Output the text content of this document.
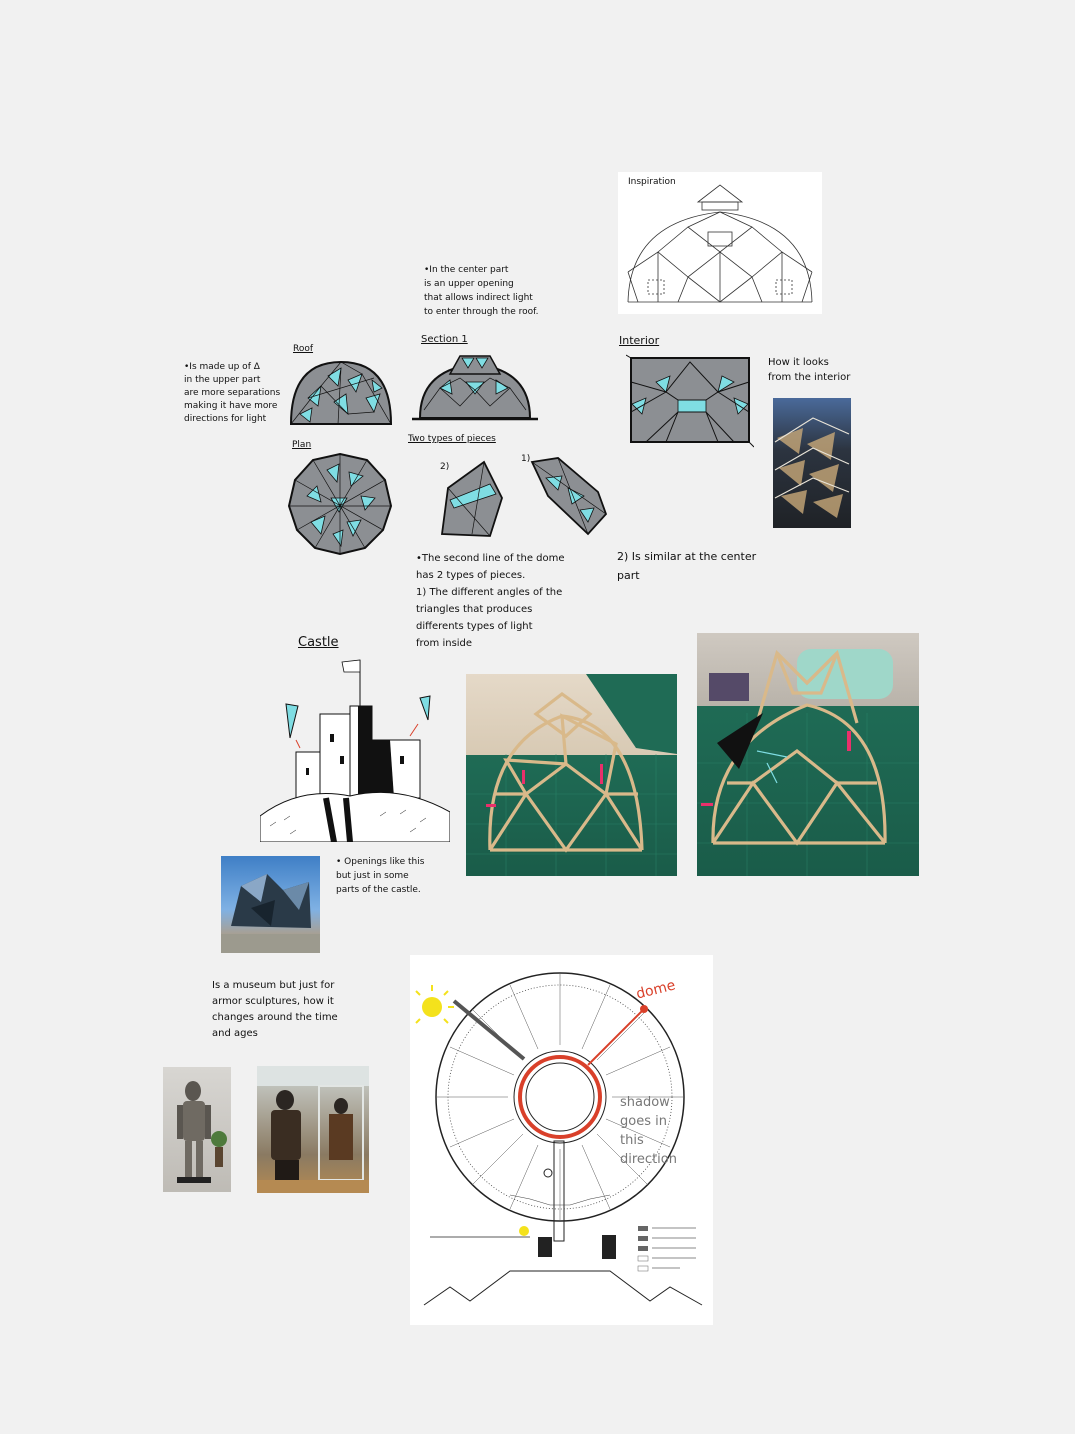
Inspiration
Roof
•Is made up of Δ
in the upper part
are more separations
making it have more
directions for light
•In the center part
is an upper opening
that allows indirect light
to enter through the roof.
Section 1	Interior
How it looks
from the interior
Plan
Two types of pieces
2)
1)
•The second line of the dome
has 2 types of pieces.
1) The different angles of the
triangles that produces
differents types of light
from inside
2) Is similar at the center
part
Castle
• Openings like this
but just in some
parts of the castle.
Is a museum but just for
armor sculptures, how it
changes around the time
and ages
dome
shadow
goes in
this
direction
